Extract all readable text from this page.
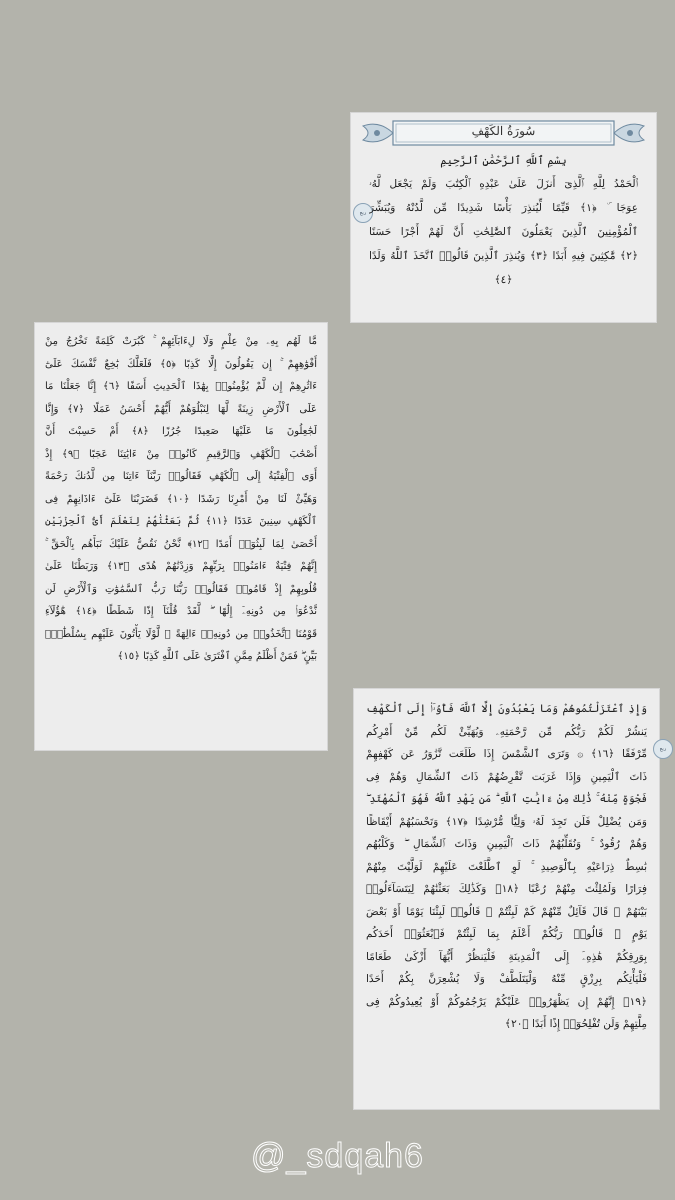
سُورَةُ الكَهْفِ
بِسْمِ ٱللَّهِ ٱلرَّحْمَٰنِ ٱلرَّحِيمِ
ربع
ٱلْحَمْدُ لِلَّهِ ٱلَّذِىٓ أَنزَلَ عَلَىٰ عَبْدِهِ ٱلْكِتَٰبَ وَلَمْ يَجْعَل لَّهُۥ
عِوَجَا ۜ ﴿١﴾ قَيِّمًا لِّيُنذِرَ بَأْسًا شَدِيدًا مِّن لَّدُنْهُ وَيُبَشِّرَ
ٱلْمُؤْمِنِينَ ٱلَّذِينَ يَعْمَلُونَ ٱلصَّٰلِحَٰتِ أَنَّ لَهُمْ أَجْرًا حَسَنًا
﴿٢﴾ مَّٰكِثِينَ فِيهِ أَبَدًا ﴿٣﴾ وَيُنذِرَ ٱلَّذِينَ قَالُوا۟ ٱتَّخَذَ ٱللَّهُ وَلَدًا
﴿٤﴾
مَّا لَهُم بِهِۦ مِنْ عِلْمٍ وَلَا لِءَابَآئِهِمْ ۚ كَبُرَتْ كَلِمَةً تَخْرُجُ مِنْ
أَفْوَٰهِهِمْ ۚ إِن يَقُولُونَ إِلَّا كَذِبًا ﴿٥﴾ فَلَعَلَّكَ بَٰخِعٌ نَّفْسَكَ عَلَىٰٓ
ءَاثَٰرِهِمْ إِن لَّمْ يُؤْمِنُوا۟ بِهَٰذَا ٱلْحَدِيثِ أَسَفًا ﴿٦﴾ إِنَّا جَعَلْنَا مَا
عَلَى ٱلْأَرْضِ زِينَةً لَّهَا لِنَبْلُوَهُمْ أَيُّهُمْ أَحْسَنُ عَمَلًا ﴿٧﴾ وَإِنَّا
لَجَٰعِلُونَ مَا عَلَيْهَا صَعِيدًا جُرُزًا ﴿٨﴾ أَمْ حَسِبْتَ أَنَّ
أَصْحَٰبَ ٱلْكَهْفِ وَٱلرَّقِيمِ كَانُوا۟ مِنْ ءَايَٰتِنَا عَجَبًا ﴿٩﴾ إِذْ
أَوَى ٱلْفِتْيَةُ إِلَى ٱلْكَهْفِ فَقَالُوا۟ رَبَّنَآ ءَاتِنَا مِن لَّدُنكَ رَحْمَةً
وَهَيِّئْ لَنَا مِنْ أَمْرِنَا رَشَدًا ﴿١٠﴾ فَضَرَبْنَا عَلَىٰٓ ءَاذَانِهِمْ فِى
ٱلْكَهْفِ سِنِينَ عَدَدًا ﴿١١﴾ ثُمَّ بَعَثْنَٰهُمْ لِنَعْلَمَ أَىُّ ٱلْحِزْبَيْنِ
أَحْصَىٰ لِمَا لَبِثُوٓا۟ أَمَدًا ﴿١٢﴾ نَّحْنُ نَقُصُّ عَلَيْكَ نَبَأَهُم بِٱلْحَقِّ ۚ
إِنَّهُمْ فِتْيَةٌ ءَامَنُوا۟ بِرَبِّهِمْ وَزِدْنَٰهُمْ هُدًى ﴿١٣﴾ وَرَبَطْنَا عَلَىٰ
قُلُوبِهِمْ إِذْ قَامُوا۟ فَقَالُوا۟ رَبُّنَا رَبُّ ٱلسَّمَٰوَٰتِ وَٱلْأَرْضِ لَن
نَّدْعُوَا۟ مِن دُونِهِۦٓ إِلَٰهًا ۖ لَّقَدْ قُلْنَآ إِذًا شَطَطًا ﴿١٤﴾ هَٰٓؤُلَآءِ
قَوْمُنَا ٱتَّخَذُوا۟ مِن دُونِهِۦٓ ءَالِهَةً ۖ لَّوْلَا يَأْتُونَ عَلَيْهِم بِسُلْطَٰنٍۭ
بَيِّنٍ ۖ فَمَنْ أَظْلَمُ مِمَّنِ ٱفْتَرَىٰ عَلَى ٱللَّهِ كَذِبًا ﴿١٥﴾
ربع
وَإِذِ ٱعْتَزَلْتُمُوهُمْ وَمَا يَعْبُدُونَ إِلَّا ٱللَّهَ فَأْوُۥٓا۟ إِلَى ٱلْكَهْفِ
يَنشُرْ لَكُمْ رَبُّكُم مِّن رَّحْمَتِهِۦ وَيُهَيِّئْ لَكُم مِّنْ أَمْرِكُم
مِّرْفَقًا ﴿١٦﴾ ۞ وَتَرَى ٱلشَّمْسَ إِذَا طَلَعَت تَّزَٰوَرُ عَن كَهْفِهِمْ
ذَاتَ ٱلْيَمِينِ وَإِذَا غَرَبَت تَّقْرِضُهُمْ ذَاتَ ٱلشِّمَالِ وَهُمْ فِى
فَجْوَةٍ مِّنْهُ ۚ ذَٰلِكَ مِنْ ءَايَٰتِ ٱللَّهِ ۗ مَن يَهْدِ ٱللَّهُ فَهُوَ ٱلْمُهْتَدِ ۖ
وَمَن يُضْلِلْ فَلَن تَجِدَ لَهُۥ وَلِيًّا مُّرْشِدًا ﴿١٧﴾ وَتَحْسَبُهُمْ أَيْقَاظًا
وَهُمْ رُقُودٌ ۚ وَنُقَلِّبُهُمْ ذَاتَ ٱلْيَمِينِ وَذَاتَ ٱلشِّمَالِ ۖ وَكَلْبُهُم
بَٰسِطٌ ذِرَاعَيْهِ بِٱلْوَصِيدِ ۚ لَوِ ٱطَّلَعْتَ عَلَيْهِمْ لَوَلَّيْتَ مِنْهُمْ
فِرَارًا وَلَمُلِئْتَ مِنْهُمْ رُعْبًا ﴿١٨﴾ وَكَذَٰلِكَ بَعَثْنَٰهُمْ لِيَتَسَآءَلُوا۟
بَيْنَهُمْ ۚ قَالَ قَآئِلٌ مِّنْهُمْ كَمْ لَبِثْتُمْ ۖ قَالُوا۟ لَبِثْنَا يَوْمًا أَوْ بَعْضَ
يَوْمٍ ۚ قَالُوا۟ رَبُّكُمْ أَعْلَمُ بِمَا لَبِثْتُمْ فَٱبْعَثُوٓا۟ أَحَدَكُم
بِوَرِقِكُمْ هَٰذِهِۦٓ إِلَى ٱلْمَدِينَةِ فَلْيَنظُرْ أَيُّهَآ أَزْكَىٰ طَعَامًا
فَلْيَأْتِكُم بِرِزْقٍ مِّنْهُ وَلْيَتَلَطَّفْ وَلَا يُشْعِرَنَّ بِكُمْ أَحَدًا
﴿١٩﴾ إِنَّهُمْ إِن يَظْهَرُوا۟ عَلَيْكُمْ يَرْجُمُوكُمْ أَوْ يُعِيدُوكُمْ فِى
مِلَّتِهِمْ وَلَن تُفْلِحُوٓا۟ إِذًا أَبَدًا ﴿٢٠﴾
@_sdqah6
